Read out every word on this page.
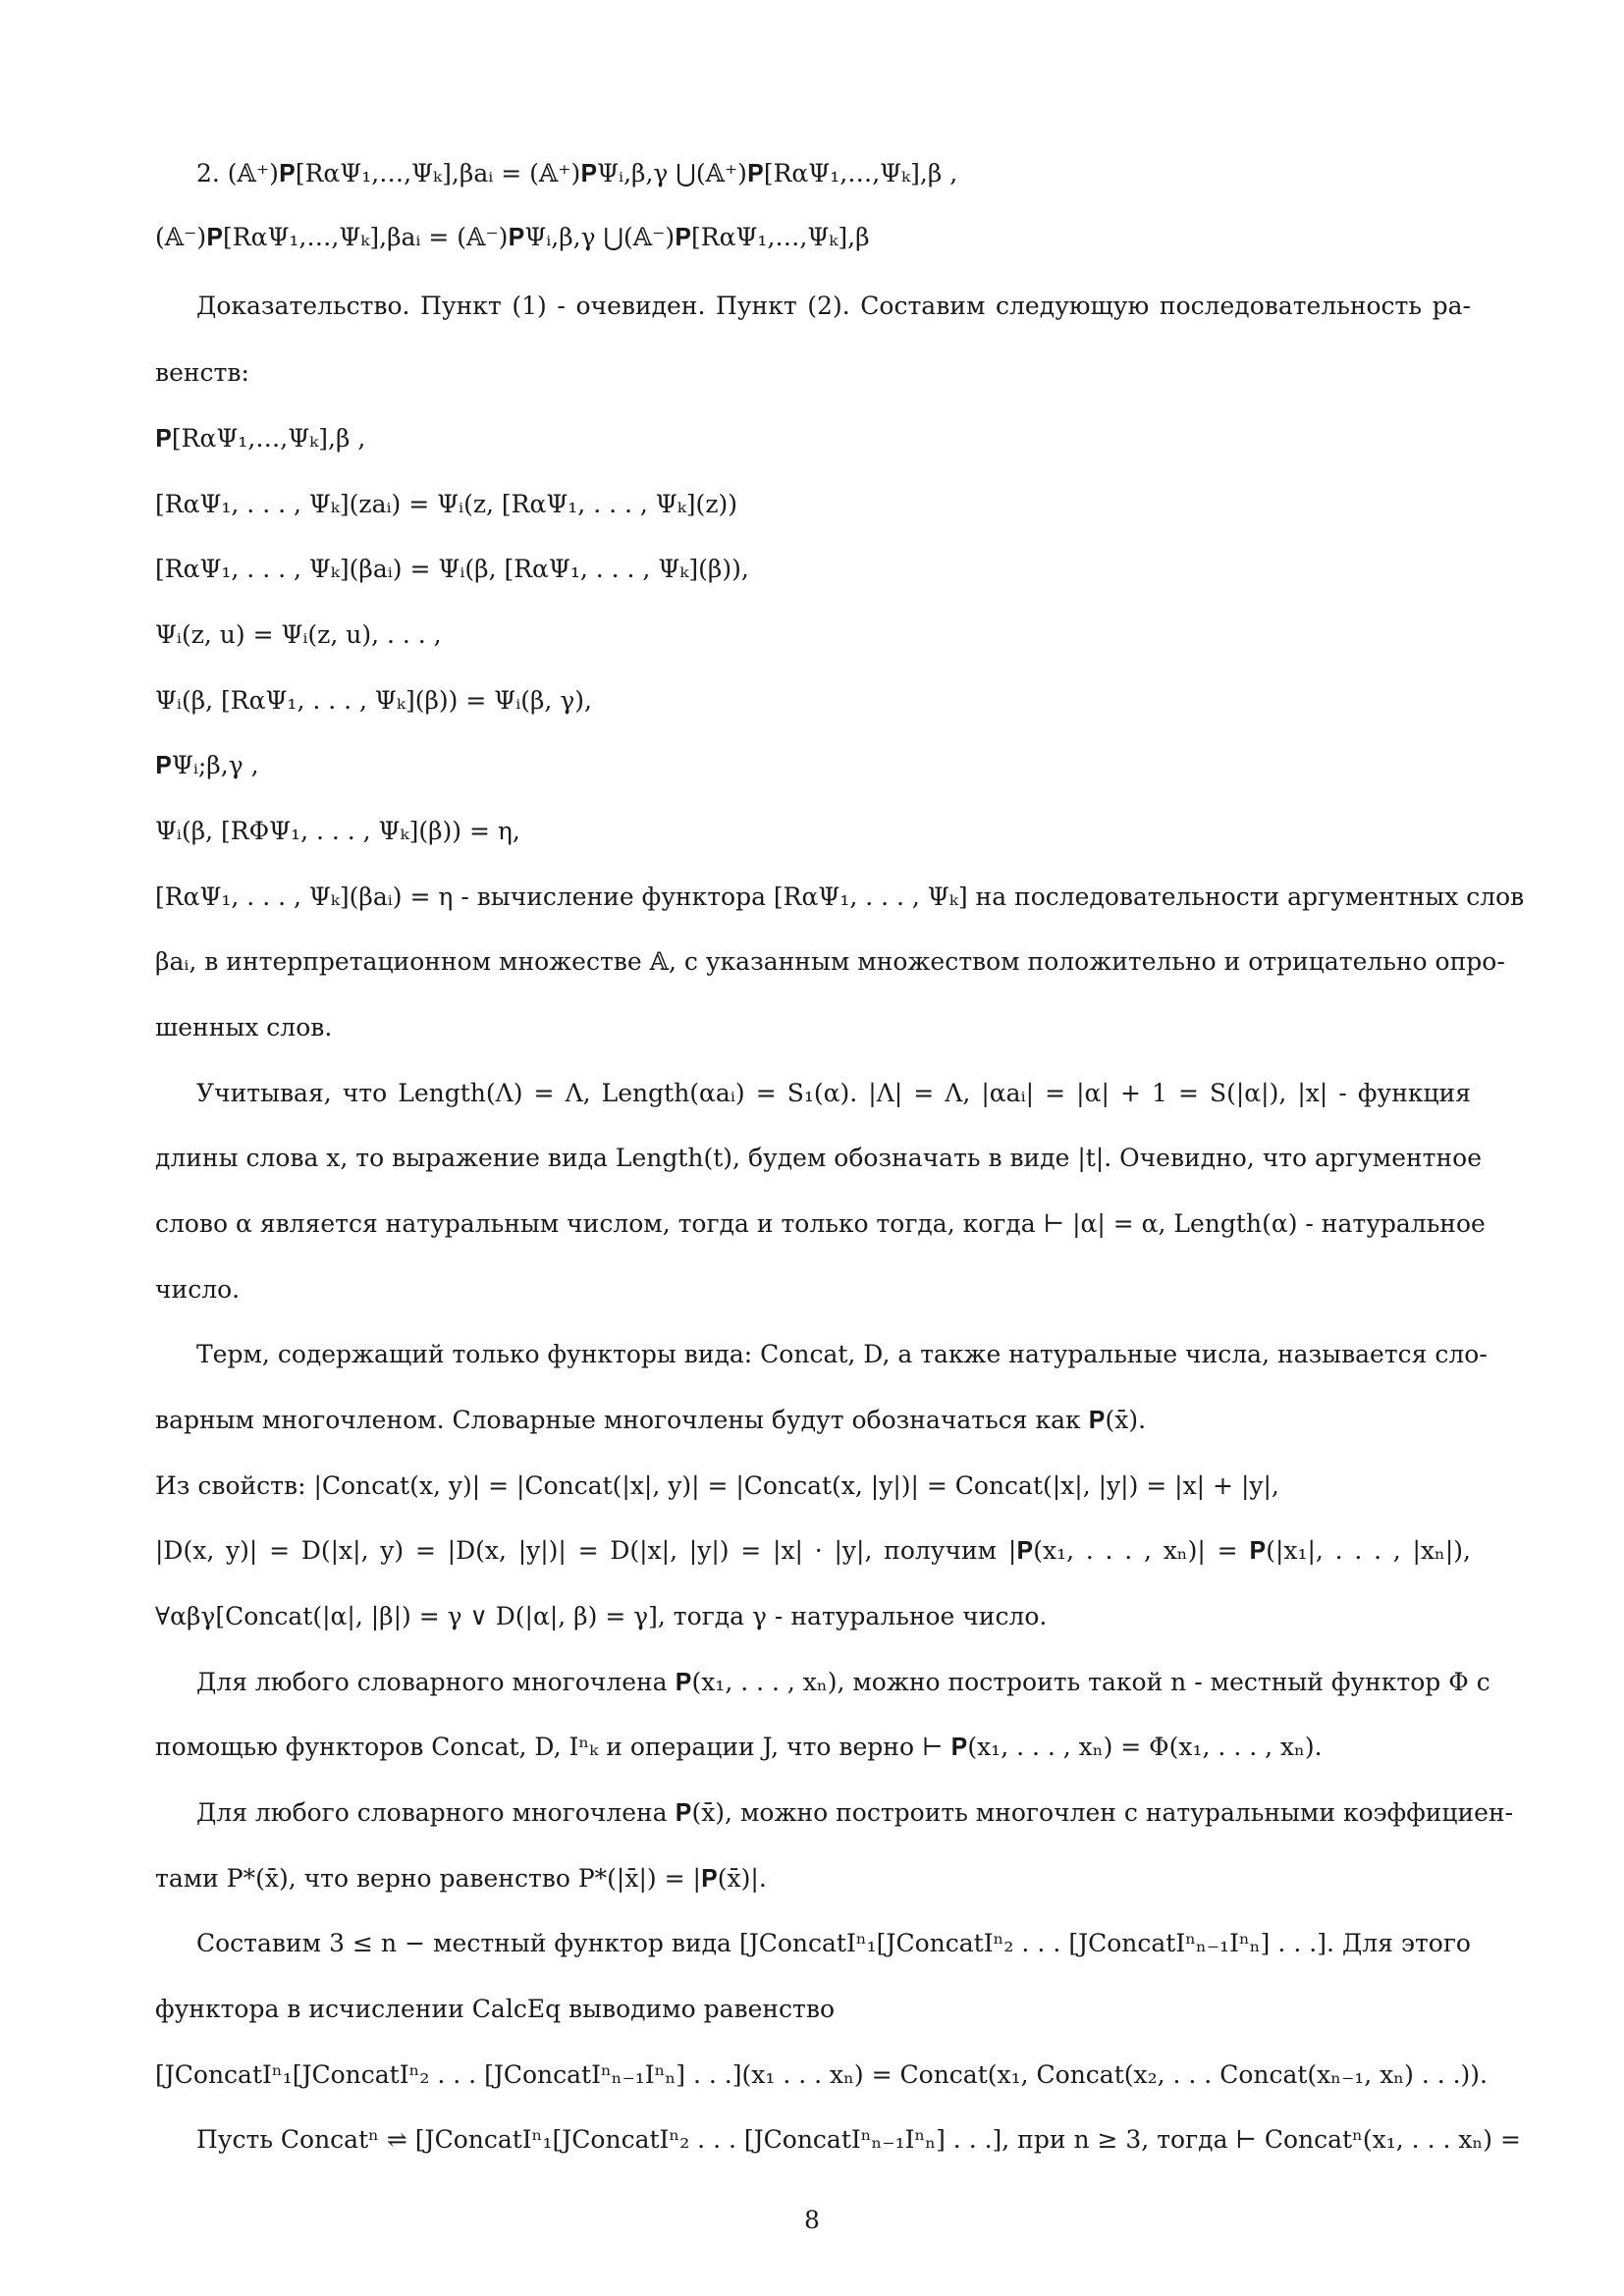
2. (𝔸⁺)𝐏[RαΨ₁,…,Ψₖ],βaᵢ = (𝔸⁺)𝐏Ψᵢ,β,γ ⋃(𝔸⁺)𝐏[RαΨ₁,…,Ψₖ],β ,
(𝔸⁻)𝐏[RαΨ₁,…,Ψₖ],βaᵢ = (𝔸⁻)𝐏Ψᵢ,β,γ ⋃(𝔸⁻)𝐏[RαΨ₁,…,Ψₖ],β
Доказательство. Пункт (1) - очевиден. Пункт (2). Составим следующую последовательность ра-
венств:
𝐏[RαΨ₁,…,Ψₖ],β ,
[RαΨ₁, . . . , Ψₖ](zaᵢ) = Ψᵢ(z, [RαΨ₁, . . . , Ψₖ](z))
[RαΨ₁, . . . , Ψₖ](βaᵢ) = Ψᵢ(β, [RαΨ₁, . . . , Ψₖ](β)),
Ψᵢ(z, u) = Ψᵢ(z, u), . . . ,
Ψᵢ(β, [RαΨ₁, . . . , Ψₖ](β)) = Ψᵢ(β, γ),
𝐏Ψᵢ;β,γ ,
Ψᵢ(β, [RΦΨ₁, . . . , Ψₖ](β)) = η,
[RαΨ₁, . . . , Ψₖ](βaᵢ) = η - вычисление функтора [RαΨ₁, . . . , Ψₖ] на последовательности аргументных слов
βaᵢ, в интерпретационном множестве 𝔸, с указанным множеством положительно и отрицательно опро-
шенных слов.
Учитывая, что Length(Λ) = Λ, Length(αaᵢ) = S₁(α). |Λ| = Λ, |αaᵢ| = |α| + 1 = S(|α|), |x| - функция
длины слова x, то выражение вида Length(t), будем обозначать в виде |t|. Очевидно, что аргументное
слово α является натуральным числом, тогда и только тогда, когда ⊢ |α| = α, Length(α) - натуральное
число.
Терм, содержащий только функторы вида: Concat, D, а также натуральные числа, называется сло-
варным многочленом. Словарные многочлены будут обозначаться как 𝐏(x̄).
Из свойств: |Concat(x, y)| = |Concat(|x|, y)| = |Concat(x, |y|)| = Concat(|x|, |y|) = |x| + |y|,
|D(x, y)| = D(|x|, y) = |D(x, |y|)| = D(|x|, |y|) = |x| · |y|, получим |𝐏(x₁, . . . , xₙ)| = 𝐏(|x₁|, . . . , |xₙ|),
∀αβγ[Concat(|α|, |β|) = γ ∨ D(|α|, β) = γ], тогда γ - натуральное число.
Для любого словарного многочлена 𝐏(x₁, . . . , xₙ), можно построить такой n - местный функтор Φ с
помощью функторов Concat, D, Iⁿₖ и операции J, что верно ⊢ 𝐏(x₁, . . . , xₙ) = Φ(x₁, . . . , xₙ).
Для любого словарного многочлена 𝐏(x̄), можно построить многочлен с натуральными коэффициен-
тами P*(x̄), что верно равенство P*(|x̄|) = |𝐏(x̄)|.
Составим 3 ≤ n − местный функтор вида [JConcatIⁿ₁[JConcatIⁿ₂ . . . [JConcatIⁿₙ₋₁Iⁿₙ] . . .]. Для этого
функтора в исчислении CalcEq выводимо равенство
[JConcatIⁿ₁[JConcatIⁿ₂ . . . [JConcatIⁿₙ₋₁Iⁿₙ] . . .](x₁ . . . xₙ) = Concat(x₁, Concat(x₂, . . . Concat(xₙ₋₁, xₙ) . . .)).
Пусть Concatⁿ ⇌ [JConcatIⁿ₁[JConcatIⁿ₂ . . . [JConcatIⁿₙ₋₁Iⁿₙ] . . .], при n ≥ 3, тогда ⊢ Concatⁿ(x₁, . . . xₙ) =
8
